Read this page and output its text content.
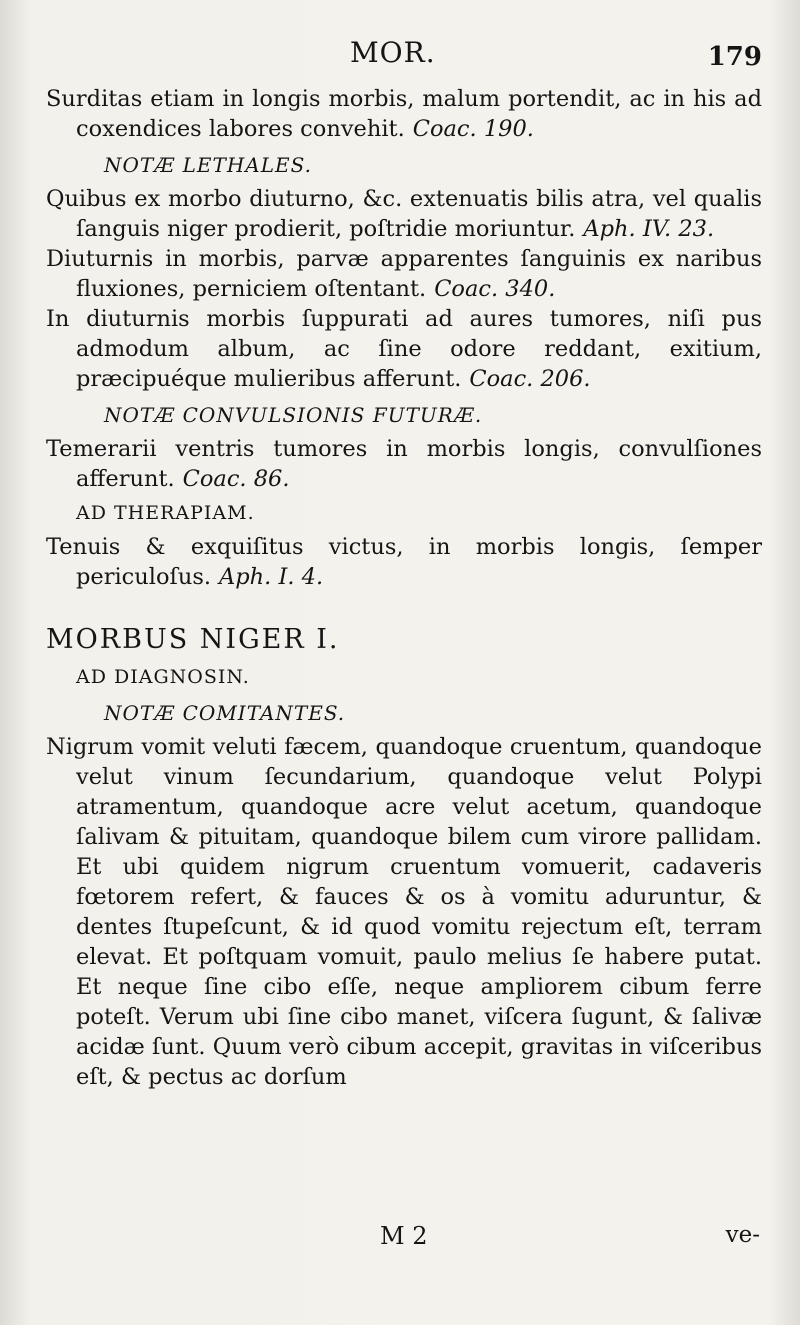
MOR.	179

Surditas etiam in longis morbis, malum portendit, ac in his ad coxendices labores convehit. Coac. 190.

NOTÆ LETHALES.

Quibus ex morbo diuturno, &c. extenuatis bilis atra, vel qualis ſanguis niger prodierit, poſtridie moriuntur. Aph. IV. 23.

Diuturnis in morbis, parvæ apparentes ſanguinis ex naribus fluxiones, perniciem oſtentant. Coac. 340.

In diuturnis morbis ſuppurati ad aures tumores, niſi pus admodum album, ac ſine odore reddant, exitium, præcipuéque mulieribus afferunt. Coac. 206.

NOTÆ CONVULSIONIS FUTURÆ.

Temerarii ventris tumores in morbis longis, convulſiones afferunt. Coac. 86.

AD THERAPIAM.

Tenuis & exquiſitus victus, in morbis longis, ſemper periculoſus. Aph. I. 4.

MORBUS NIGER I.
AD DIAGNOSIN.
NOTÆ COMITANTES.

Nigrum vomit veluti fæcem, quandoque cruentum, quandoque velut vinum ſecundarium, quandoque velut Polypi atramentum, quandoque acre velut acetum, quandoque ſalivam & pituitam, quandoque bilem cum virore pallidam. Et ubi quidem nigrum cruentum vomuerit, cadaveris fœtorem refert, & fauces & os à vomitu aduruntur, & dentes ſtupeſcunt, & id quod vomitu rejectum eſt, terram elevat. Et poſtquam vomuit, paulo melius ſe habere putat. Et neque ſine cibo eſſe, neque ampliorem cibum ferre poteſt. Verum ubi ſine cibo manet, viſcera ſugunt, & ſalivæ acidæ ſunt. Quum verò cibum accepit, gravitas in viſceribus eſt, & pectus ac dorſum

M 2	ve-
